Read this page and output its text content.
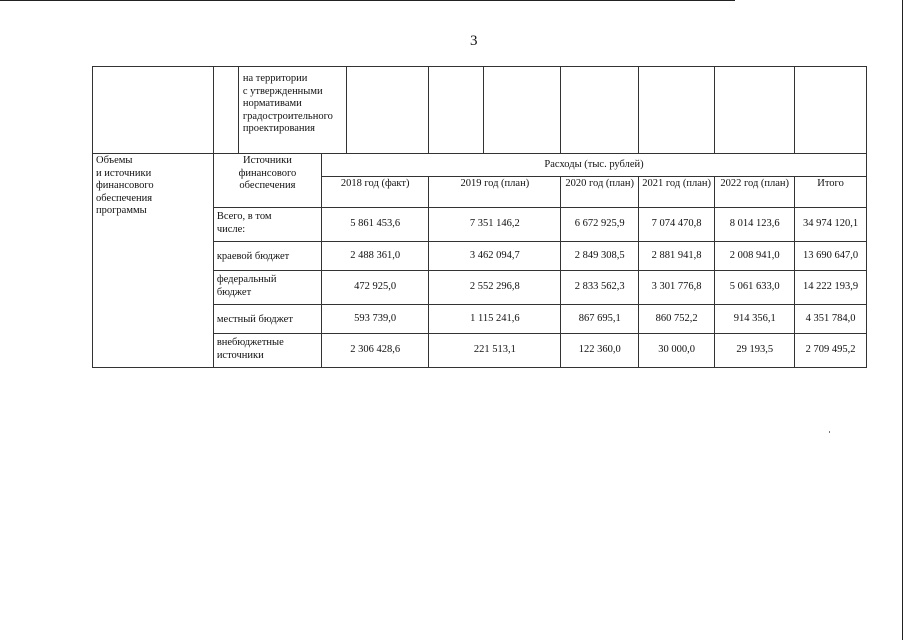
3

		на территории
с утвержденными
нормативами
градостроительного
проектирования								

Объемы
и источники
финансового
обеспечения
программы	Источники
финансового
обеспечения		Расходы (тыс. рублей)							
			2018 год (факт)		2019 год (план)		2020 год (план)	2021 год (план)	2022 год (план)	Итого

	Всего, в том
числе:		5 861 453,6		7 351 146,2		6 672 925,9	7 074 470,8	8 014 123,6	34 974 120,1
	краевой бюджет		2 488 361,0		3 462 094,7		2 849 308,5	2 881 941,8	2 008 941,0	13 690 647,0

	федеральный
бюджет		472 925,0		2 552 296,8		2 833 562,3	3 301 776,8	5 061 633,0	14 222 193,9
	местный бюджет		593 739,0		1 115 241,6		867 695,1	860 752,2	914 356,1	4 351 784,0

	внебюджетные
источники		2 306 428,6		221 513,1		122 360,0	30 000,0	29 193,5	2 709 495,2
